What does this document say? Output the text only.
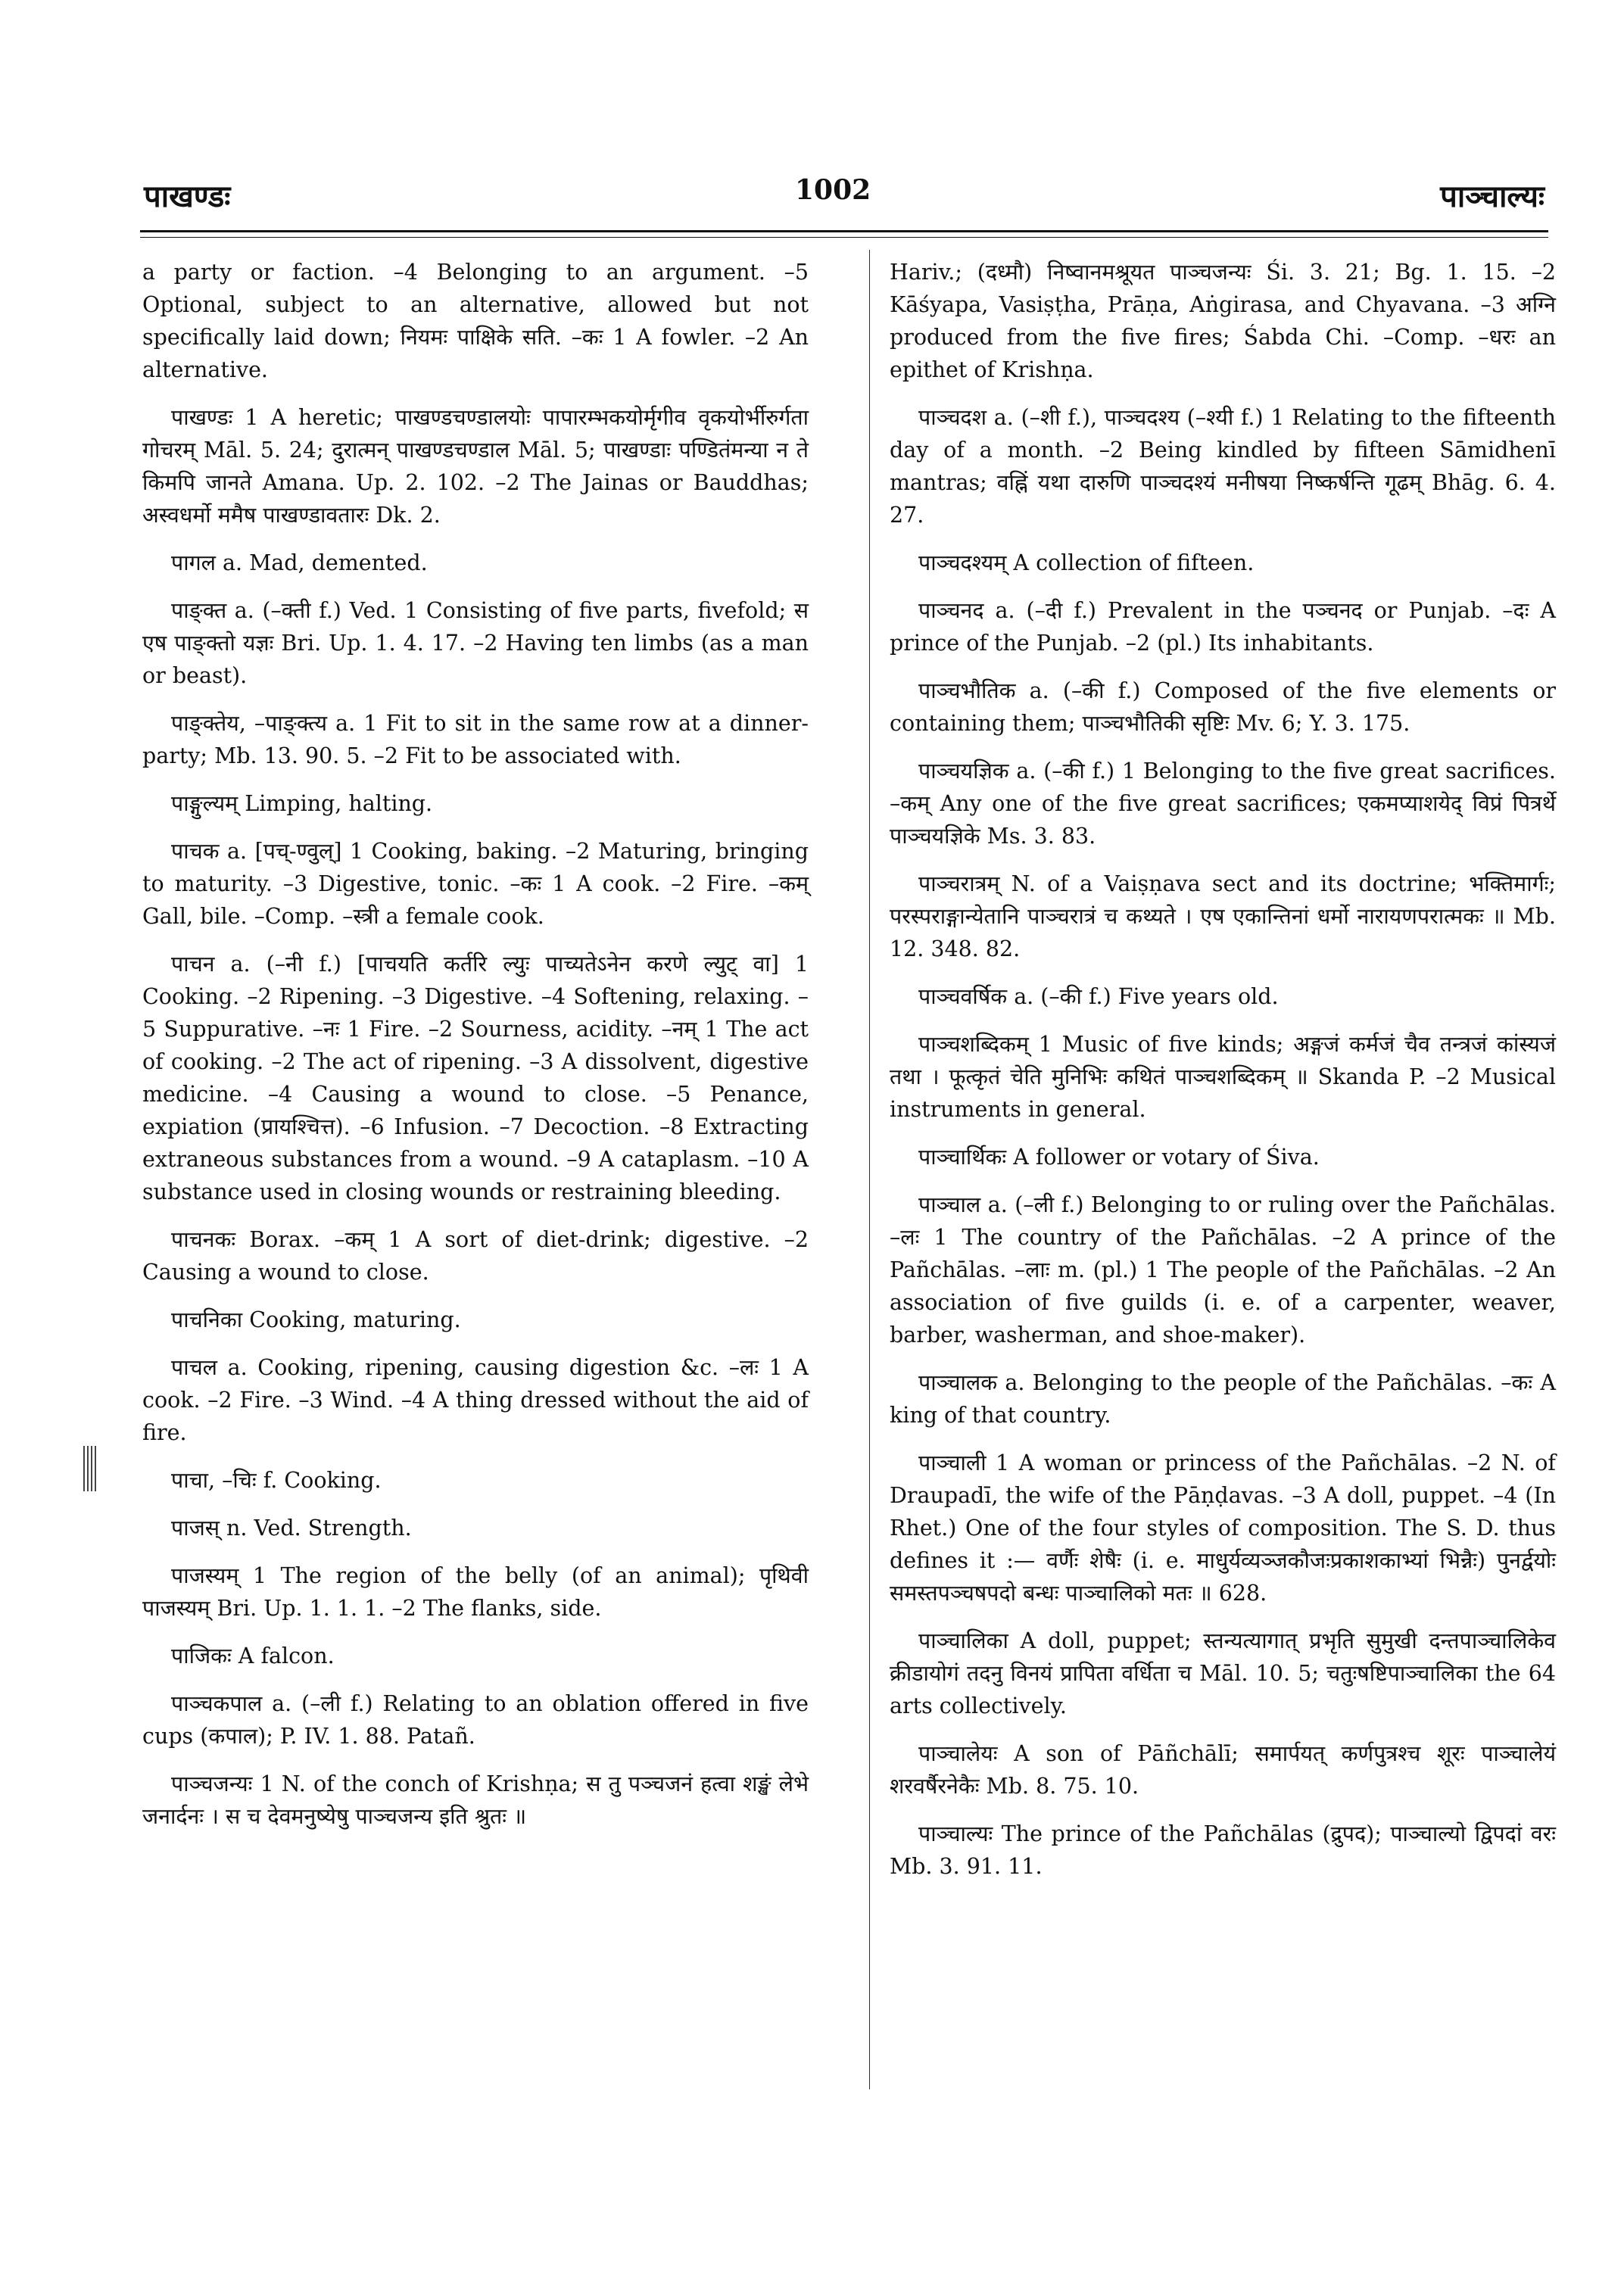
पाखण्डः	1002	पाञ्चाल्यः

a party or faction. –4 Belonging to an argument. –5 Optional, subject to an alternative, allowed but not specifically laid down; नियमः पाक्षिके सति. –कः 1 A fowler. –2 An alternative.

पाखण्डः 1 A heretic; पाखण्डचण्डालयोः पापारम्भकयोर्मृगीव वृकयोर्भीरुर्गता गोचरम् Māl. 5. 24; दुरात्मन् पाखण्डचण्डाल Māl. 5; पाखण्डाः पण्डितंमन्या न ते किमपि जानते Amana. Up. 2. 102. –2 The Jainas or Bauddhas; अस्वधर्मो ममैष पाखण्डावतारः Dk. 2.

पागल a. Mad, demented.

पाङ्क्त a. (–क्ती f.) Ved. 1 Consisting of five parts, fivefold; स एष पाङ्क्तो यज्ञः Bri. Up. 1. 4. 17. –2 Having ten limbs (as a man or beast).

पाङ्क्तेय, –पाङ्क्त्य a. 1 Fit to sit in the same row at a dinner-party; Mb. 13. 90. 5. –2 Fit to be associated with.

पाङ्गुल्यम् Limping, halting.

पाचक a. [पच्-ण्वुल्] 1 Cooking, baking. –2 Maturing, bringing to maturity. –3 Digestive, tonic. –कः 1 A cook. –2 Fire. –कम् Gall, bile. –Comp. –स्त्री a female cook.

पाचन a. (–नी f.) [पाचयति कर्तरि ल्युः पाच्यतेऽनेन करणे ल्युट् वा] 1 Cooking. –2 Ripening. –3 Digestive. –4 Softening, relaxing. –5 Suppurative. –नः 1 Fire. –2 Sourness, acidity. –नम् 1 The act of cooking. –2 The act of ripening. –3 A dissolvent, digestive medicine. –4 Causing a wound to close. –5 Penance, expiation (प्रायश्चित्त). –6 Infusion. –7 Decoction. –8 Extracting extraneous substances from a wound. –9 A cataplasm. –10 A substance used in closing wounds or restraining bleeding.

पाचनकः Borax. –कम् 1 A sort of diet-drink; digestive. –2 Causing a wound to close.

पाचनिका Cooking, maturing.

पाचल a. Cooking, ripening, causing digestion &c. –लः 1 A cook. –2 Fire. –3 Wind. –4 A thing dressed without the aid of fire.

पाचा, –चिः f. Cooking.

पाजस् n. Ved. Strength.

पाजस्यम् 1 The region of the belly (of an animal); पृथिवी पाजस्यम् Bri. Up. 1. 1. 1. –2 The flanks, side.

पाजिकः A falcon.

पाञ्चकपाल a. (–ली f.) Relating to an oblation offered in five cups (कपाल); P. IV. 1. 88. Patañ.

पाञ्चजन्यः 1 N. of the conch of Krishṇa; स तु पञ्चजनं हत्वा शङ्खं लेभे जनार्दनः । स च देवमनुष्येषु पाञ्चजन्य इति श्रुतः ॥

Hariv.; (दध्मौ) निष्वानमश्रूयत पाञ्चजन्यः Śi. 3. 21; Bg. 1. 15. –2 Kāśyapa, Vasiṣṭha, Prāṇa, Aṅgirasa, and Chyavana. –3 अग्नि produced from the five fires; Śabda Chi. –Comp. –धरः an epithet of Krishṇa.

पाञ्चदश a. (–शी f.), पाञ्चदश्य (–श्यी f.) 1 Relating to the fifteenth day of a month. –2 Being kindled by fifteen Sāmidhenī mantras; वह्निं यथा दारुणि पाञ्चदश्यं मनीषया निष्कर्षन्ति गूढम् Bhāg. 6. 4. 27.

पाञ्चदश्यम् A collection of fifteen.

पाञ्चनद a. (–दी f.) Prevalent in the पञ्चनद or Punjab. –दः A prince of the Punjab. –2 (pl.) Its inhabitants.

पाञ्चभौतिक a. (–की f.) Composed of the five elements or containing them; पाञ्चभौतिकी सृष्टिः Mv. 6; Y. 3. 175.

पाञ्चयज्ञिक a. (–की f.) 1 Belonging to the five great sacrifices. –कम् Any one of the five great sacrifices; एकमप्याशयेद् विप्रं पित्रर्थे पाञ्चयज्ञिके Ms. 3. 83.

पाञ्चरात्रम् N. of a Vaiṣṇava sect and its doctrine; भक्तिमार्गः; परस्पराङ्गान्येतानि पाञ्चरात्रं च कथ्यते । एष एकान्तिनां धर्मो नारायणपरात्मकः ॥ Mb. 12. 348. 82.

पाञ्चवर्षिक a. (–की f.) Five years old.

पाञ्चशब्दिकम् 1 Music of five kinds; अङ्गजं कर्मजं चैव तन्त्रजं कांस्यजं तथा । फूत्कृतं चेति मुनिभिः कथितं पाञ्चशब्दिकम् ॥ Skanda P. –2 Musical instruments in general.

पाञ्चार्थिकः A follower or votary of Śiva.

पाञ्चाल a. (–ली f.) Belonging to or ruling over the Pañchālas. –लः 1 The country of the Pañchālas. –2 A prince of the Pañchālas. –लाः m. (pl.) 1 The people of the Pañchālas. –2 An association of five guilds (i. e. of a carpenter, weaver, barber, washerman, and shoe-maker).

पाञ्चालक a. Belonging to the people of the Pañchālas. –कः A king of that country.

पाञ्चाली 1 A woman or princess of the Pañchālas. –2 N. of Draupadī, the wife of the Pāṇḍavas. –3 A doll, puppet. –4 (In Rhet.) One of the four styles of composition. The S. D. thus defines it :— वर्णैः शेषैः (i. e. माधुर्यव्यञ्जकौजःप्रकाशकाभ्यां भिन्नैः) पुनर्द्वयोः समस्तपञ्चषपदो बन्धः पाञ्चालिको मतः ॥ 628.

पाञ्चालिका A doll, puppet; स्तन्यत्यागात् प्रभृति सुमुखी दन्तपाञ्चालिकेव क्रीडायोगं तदनु विनयं प्रापिता वर्धिता च Māl. 10. 5; चतुःषष्टिपाञ्चालिका the 64 arts collectively.

पाञ्चालेयः A son of Pāñchālī; समार्पयत् कर्णपुत्रश्च शूरः पाञ्चालेयं शरवर्षैरनेकैः Mb. 8. 75. 10.

पाञ्चाल्यः The prince of the Pañchālas (द्रुपद); पाञ्चाल्यो द्विपदां वरः Mb. 3. 91. 11.
